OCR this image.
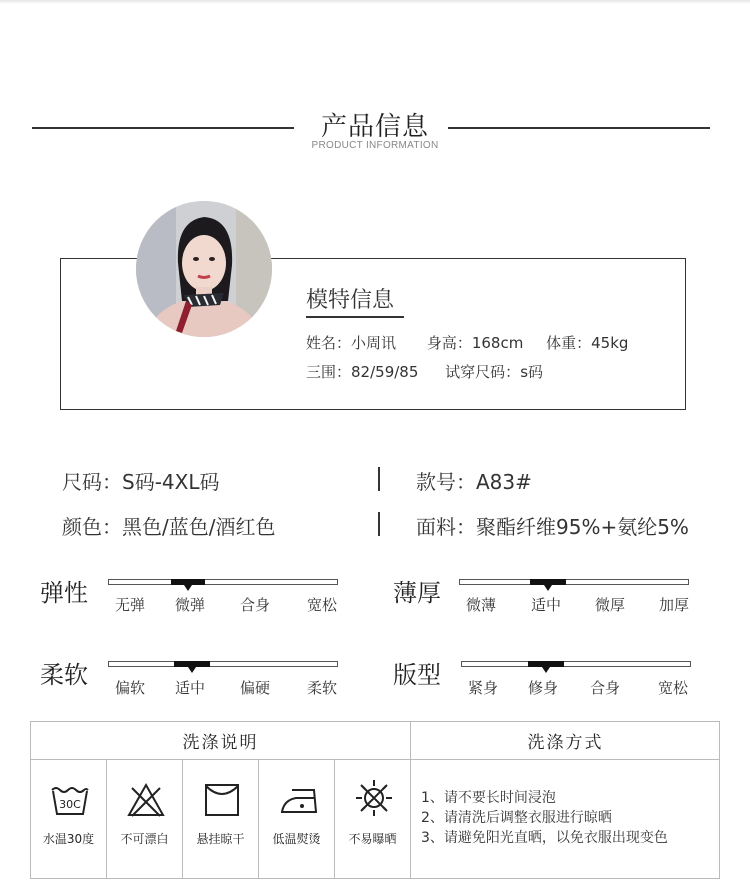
产品信息
PRODUCT INFORMATION
模特信息
姓名：小周讯 身高：168cm 体重：45kg
三围：82/59/85 试穿尺码：s码
尺码：S码-4XL码	款号：A83#
颜色：黑色/蓝色/酒红色	面料：聚酯纤维95%+氨纶5%
弹性 无弹 微弹 合身 宽松 薄厚 微薄 适中 微厚 加厚
柔软 偏软 适中 偏硬 柔软 版型 紧身 修身 合身	宽松
洗涤说明	洗涤方式
30C
水温30度	不可漂白	悬挂晾干	低温熨烫	不易曝晒
1、请不要长时间浸泡
2、请清洗后调整衣服进行晾晒
3、请避免阳光直晒，以免衣服出现变色
